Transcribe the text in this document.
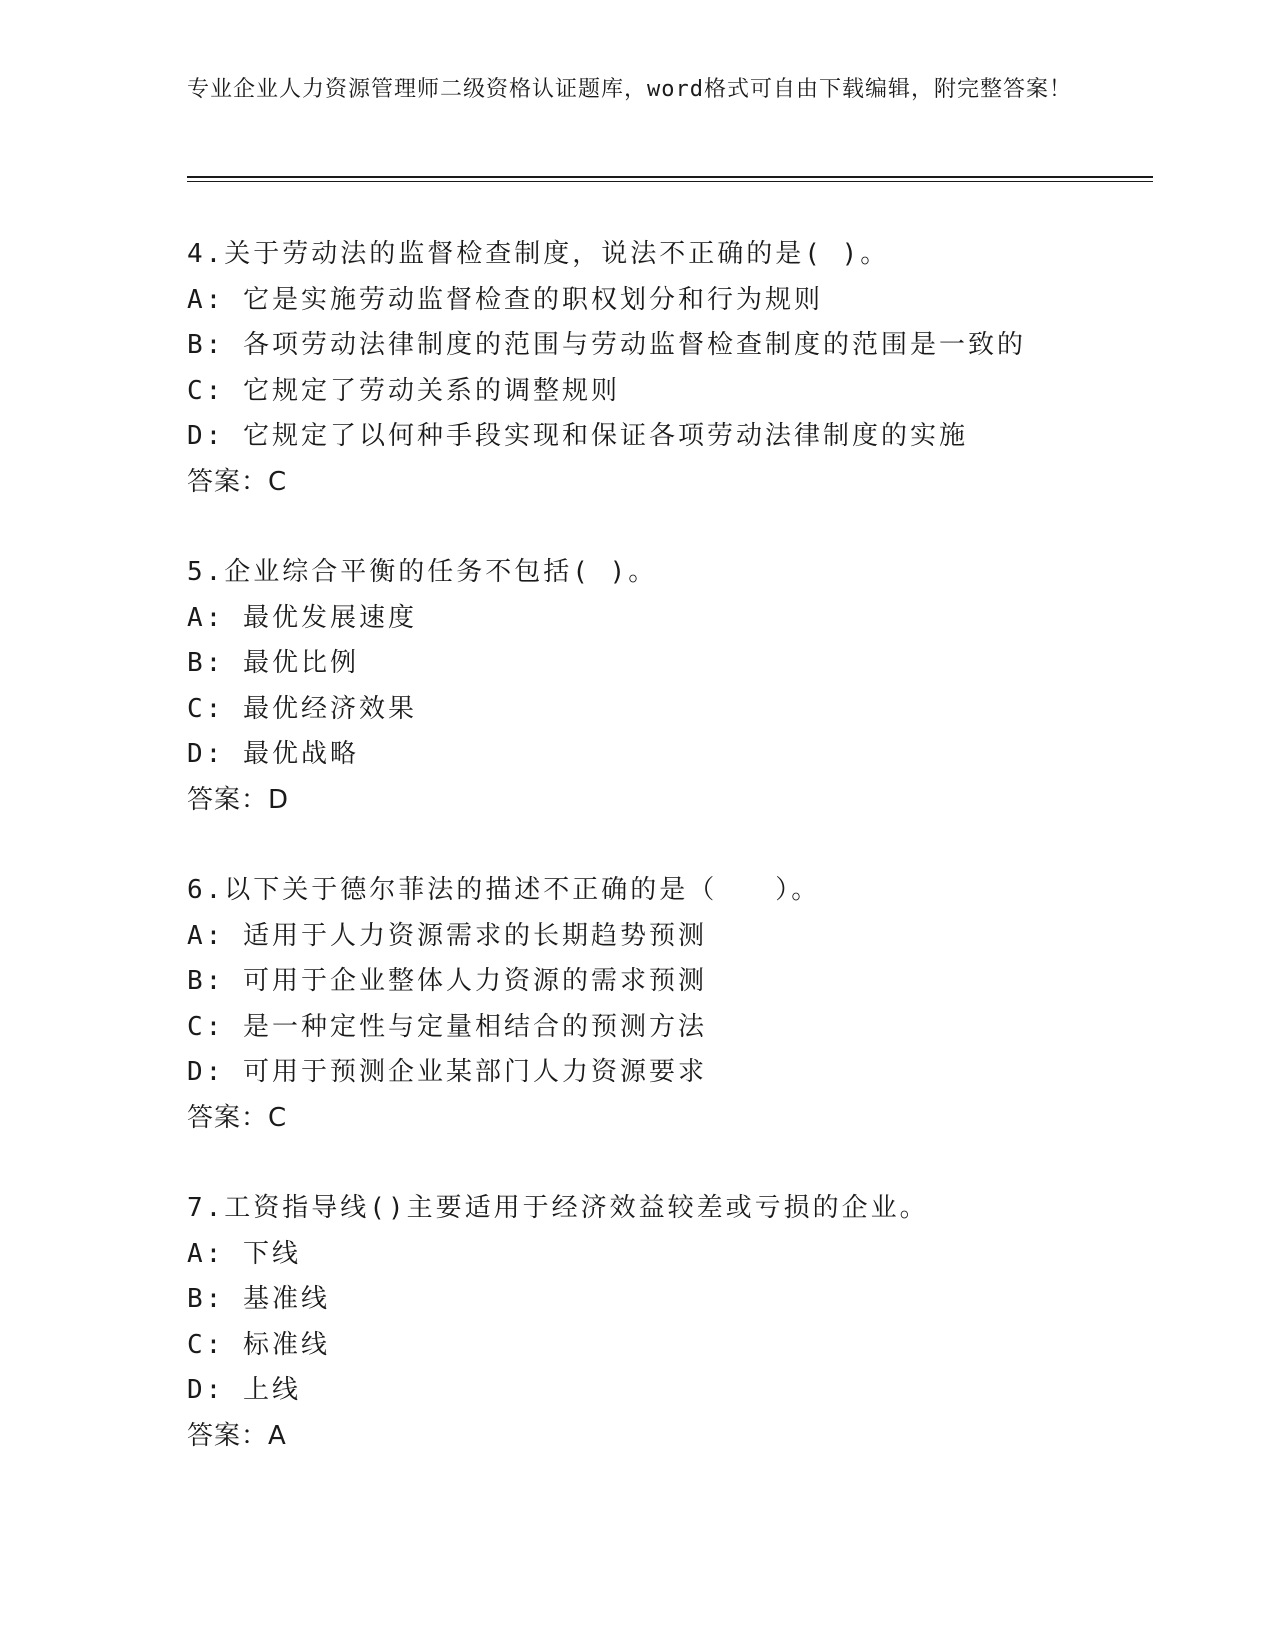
专业企业人力资源管理师二级资格认证题库，word格式可自由下载编辑，附完整答案！
4.关于劳动法的监督检查制度，说法不正确的是( )。
A: 它是实施劳动监督检查的职权划分和行为规则
B: 各项劳动法律制度的范围与劳动监督检查制度的范围是一致的
C: 它规定了劳动关系的调整规则
D: 它规定了以何种手段实现和保证各项劳动法律制度的实施
答案：C
5.企业综合平衡的任务不包括( )。
A: 最优发展速度
B: 最优比例
C: 最优经济效果
D: 最优战略
答案：D
6.以下关于德尔菲法的描述不正确的是（　　）。
A: 适用于人力资源需求的长期趋势预测
B: 可用于企业整体人力资源的需求预测
C: 是一种定性与定量相结合的预测方法
D: 可用于预测企业某部门人力资源要求
答案：C
7.工资指导线()主要适用于经济效益较差或亏损的企业。
A: 下线
B: 基准线
C: 标准线
D: 上线
答案：A
